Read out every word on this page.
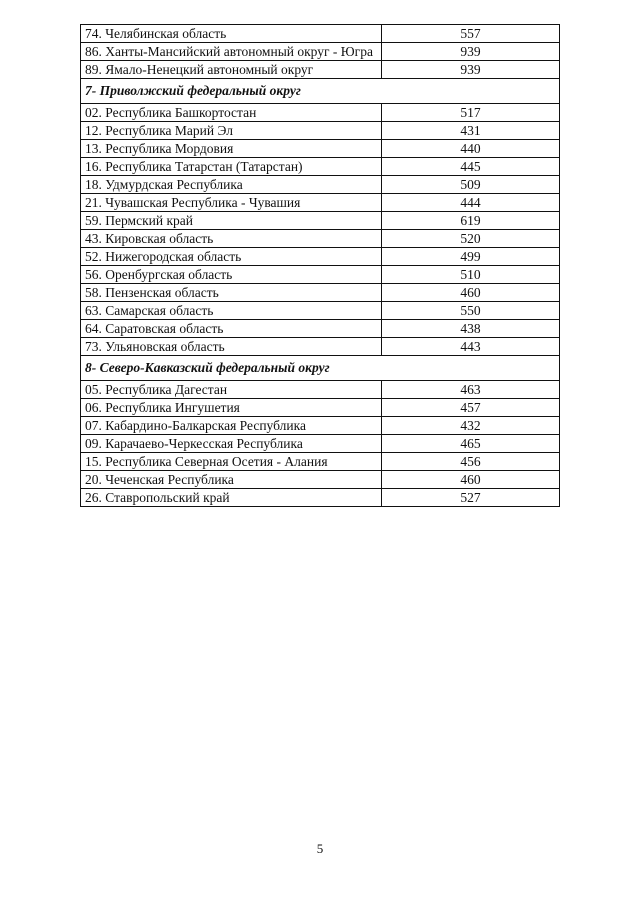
74. Челябинская область	557
86. Ханты-Мансийский автономный округ - Югра	939
89. Ямало-Ненецкий автономный округ	939
7- Приволжский федеральный округ	
02. Республика Башкортостан	517
12. Республика Марий Эл	431
13. Республика Мордовия	440
16. Республика Татарстан (Татарстан)	445
18. Удмурдская Республика	509
21. Чувашская Республика - Чувашия	444
59. Пермский край	619
43. Кировская область	520
52. Нижегородская область	499
56. Оренбургская область	510
58. Пензенская область	460
63. Самарская область	550
64. Саратовская область	438
73. Ульяновская область	443
8- Северо-Кавказский федеральный округ	
05. Республика Дагестан	463
06. Республика Ингушетия	457
07. Кабардино-Балкарская Республика	432
09. Карачаево-Черкесская Республика	465
15. Республика Северная Осетия - Алания	456
20. Чеченская Республика	460
26. Ставропольский край	527
5
